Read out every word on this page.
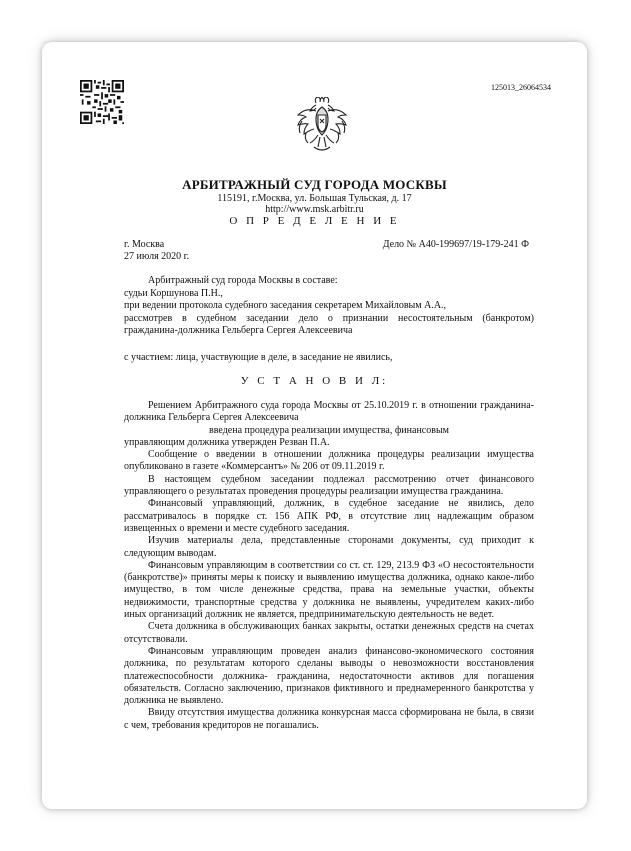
125013_26064534
АРБИТРАЖНЫЙ СУД ГОРОДА МОСКВЫ
115191, г.Москва, ул. Большая Тульская, д. 17
http://www.msk.arbitr.ru
О П Р Е Д Е Л Е Н И Е
г. Москва
27 июля 2020 г.
Дело № А40-199697/19-179-241 Ф

Арбитражный суд города Москвы в составе:

судьи Коршунова П.Н.,

при ведении протокола судебного заседания секретарем Михайловым А.А.,

рассмотрев в судебном заседании дело о признании несостоятельным (банкротом)

гражданина-должника Гельберга Сергея Алексеевича

с участием: лица, участвующие в деле, в заседание не явились,
У С Т А Н О В И Л:

Решением Арбитражного суда города Москвы от 25.10.2019 г. в отношении гражданина-должника Гельберга Сергея Алексеевича

введена процедура реализации имущества, финансовым

управляющим должника утвержден Резван П.А.

Сообщение о введении в отношении должника процедуры реализации имущества опубликовано в газете «Коммерсантъ» № 206 от 09.11.2019 г.

В настоящем судебном заседании подлежал рассмотрению отчет финансового управляющего о результатах проведения процедуры реализации имущества гражданина.

Финансовый управляющий, должник, в судебное заседание не явились, дело рассматривалось в порядке ст. 156 АПК РФ, в отсутствие лиц надлежащим образом извещенных о времени и месте судебного заседания.

Изучив материалы дела, представленные сторонами документы, суд приходит к следующим выводам.

Финансовым управляющим в соответствии со ст. ст. 129, 213.9 ФЗ «О несостоятельности (банкротстве)» приняты меры к поиску и выявлению имущества должника, однако какое-либо имущество, в том числе денежные средства, права на земельные участки, объекты недвижимости, транспортные средства у должника не выявлены, учредителем каких-либо иных организаций должник не является, предпринимательскую деятельность не ведет.

Счета должника в обслуживающих банках закрыты, остатки денежных средств на счетах отсутствовали.

Финансовым управляющим проведен анализ финансово-экономического состояния должника, по результатам которого сделаны выводы о невозможности восстановления платежеспособности должника- гражданина, недостаточности активов для погашения обязательств. Согласно заключению, признаков фиктивного и преднамеренного банкротства у должника не выявлено.

Ввиду отсутствия имущества должника конкурсная масса сформирована не была, в связи с чем, требования кредиторов не погашались.
